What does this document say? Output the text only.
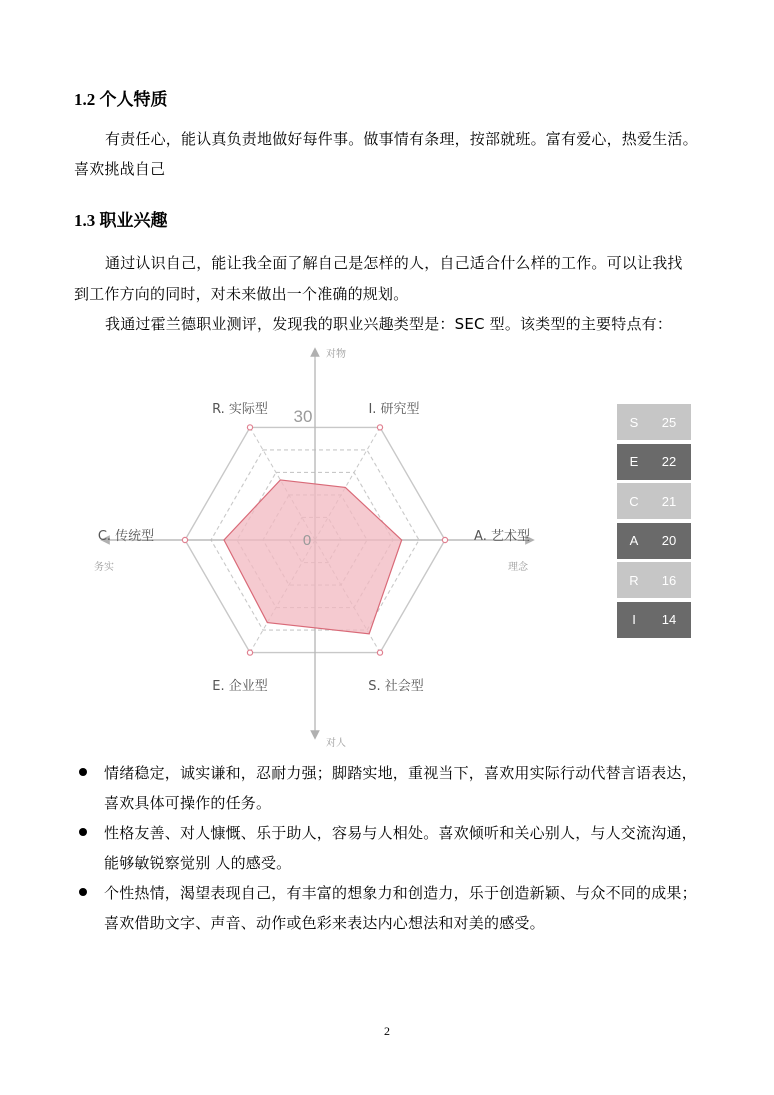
1.2 个人特质
有责任心，能认真负责地做好每件事。做事情有条理，按部就班。富有爱心，热爱生活。
喜欢挑战自己
1.3 职业兴趣
通过认识自己，能让我全面了解自己是怎样的人，自己适合什么样的工作。可以让我找
到工作方向的同时，对未来做出一个准确的规划。
我通过霍兰德职业测评，发现我的职业兴趣类型是：SEC 型。该类型的主要特点有：
30
0
R. 实际型	I. 研究型
A. 艺术型
S. 社会型
E. 企业型
C. 传统型
对物
对人
务实	理念
S	25
E	22
C	21
A	20
R	16
I	14
情绪稳定，诚实谦和，忍耐力强；脚踏实地，重视当下，喜欢用实际行动代替言语表达，
喜欢具体可操作的任务。
性格友善、对人慷慨、乐于助人，容易与人相处。喜欢倾听和关心别人，与人交流沟通，
能够敏锐察觉别 人的感受。
个性热情，渴望表现自己，有丰富的想象力和创造力，乐于创造新颖、与众不同的成果；
喜欢借助文字、声音、动作或色彩来表达内心想法和对美的感受。
2
